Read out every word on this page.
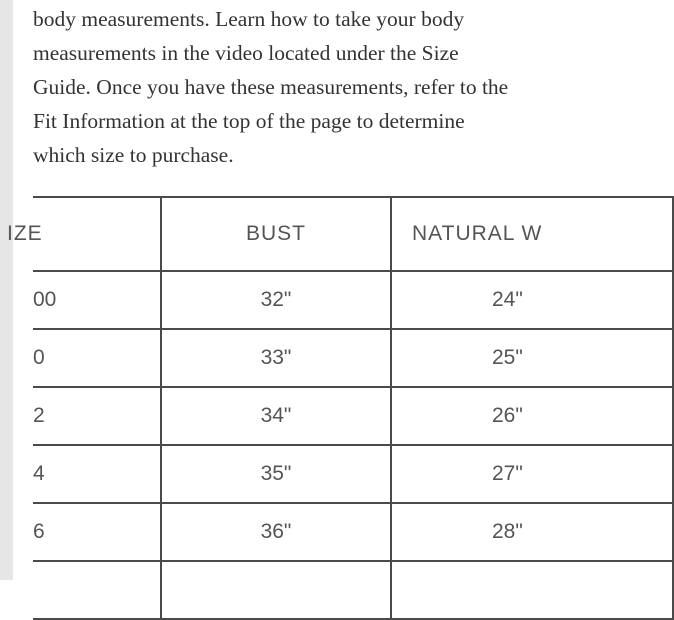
body measurements. Learn how to take your body
measurements in the video located under the Size
Guide. Once you have these measurements, refer to the
Fit Information at the top of the page to determine
which size to purchase.
IZE	BUST	NATURAL W
00	32"	24"
0	33"	25"
2	34"	26"
4	35"	27"
6	36"	28"
